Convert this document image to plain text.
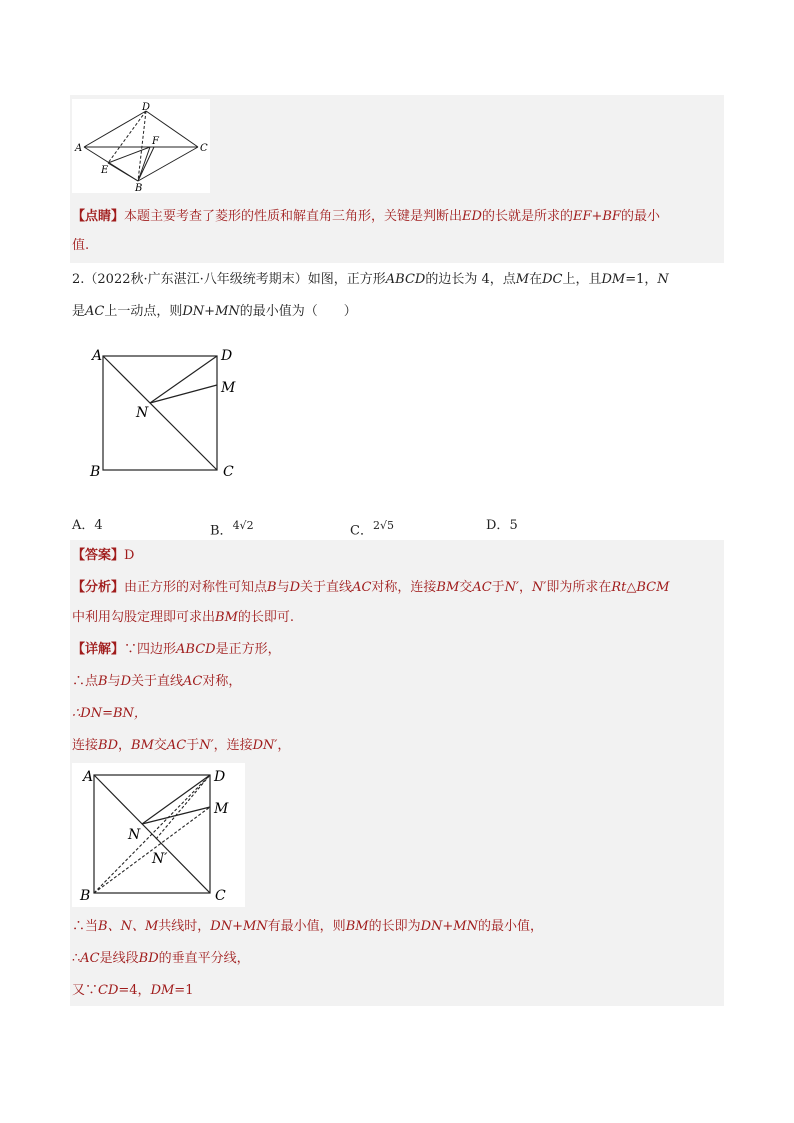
D
A	C
F
E
B
【点睛】本题主要考查了菱形的性质和解直角三角形，关键是判断出ED的长就是所求的EF+BF的最小
值.
2.（2022秋·广东湛江·八年级统考期末）如图，正方形ABCD的边长为 4，点M在DC上，且DM=1，N
是AC上一动点，则DN+MN的最小值为（　　）
A	D
M
N
B	C
A．4	B．$^{4√2}$	C．$^{2√5}$	D．5
【答案】D
【分析】由正方形的对称性可知点B与D关于直线AC对称，连接BM交AC于N′，N′即为所求在Rt△BCM
中利用勾股定理即可求出BM的长即可.
【详解】∵四边形ABCD是正方形，
∴点B与D关于直线AC对称，
∴DN=BN，
连接BD，BM交AC于N′，连接DN′，
A	D
M
N
N′
B	C
∴当B、N、M共线时，DN+MN有最小值，则BM的长即为DN+MN的最小值，
∴AC是线段BD的垂直平分线，
又∵CD=4，DM=1
